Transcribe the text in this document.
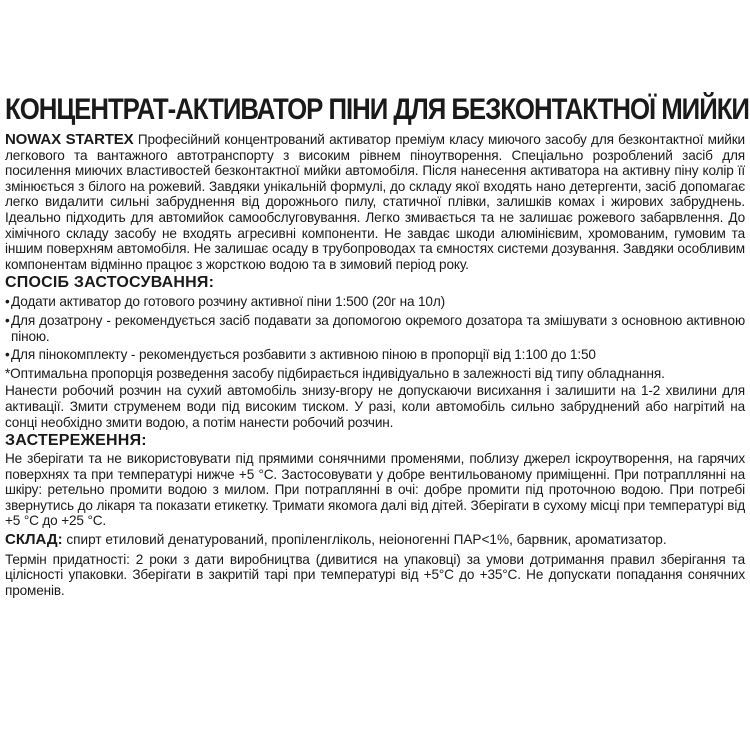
КОНЦЕНТРАТ-АКТИВАТОР ПІНИ ДЛЯ БЕЗКОНТАКТНОЇ МИЙКИ

NOWAX STARTEX Професійний концентрований активатор преміум класу миючого засобу для безконтактної мийки легкового та вантажного автотранспорту з високим рівнем піноутворення. Спеціально розроблений засіб для посилення миючих властивостей безконтактної мийки автомобіля. Після нанесення активатора на активну піну колір її змінюється з білого на рожевий. Завдяки унікальній формулі, до складу якої входять нано детергенти, засіб допомагає легко видалити сильні забруднення від дорожнього пилу, статичної плівки, залишків комах і жирових забруднень. Ідеально підходить для автомийок самообслуговування. Легко змивається та не залишає рожевого забарвлення. До хімічного складу засобу не входять агресивні компоненти. Не завдає шкоди алюмінієвим, хромованим, гумовим та іншим поверхням автомобіля. Не залишає осаду в трубопроводах та ємностях системи дозування. Завдяки особливим компонентам відмінно працює з жорсткою водою та в зимовий період року.

СПОСІБ ЗАСТОСУВАННЯ:
• Додати активатор до готового розчину активної піни 1:500 (20г на 10л)
• Для дозатрону - рекомендується засіб подавати за допомогою окремого дозатора та змішувати з основною активною піною.
• Для пінокомплекту - рекомендується розбавити з активною піною в пропорції від 1:100 до 1:50

*Оптимальна пропорція розведення засобу підбирається індивідуально в залежності від типу обладнання.

Нанести робочий розчин на сухий автомобіль знизу-вгору не допускаючи висихання і залишити на 1-2 хвилини для активації. Змити струменем води під високим тиском. У разі, коли автомобіль сильно забруднений або нагрітий на сонці необхідно змити водою, а потім нанести робочий розчин.

ЗАСТЕРЕЖЕННЯ:

Не зберігати та не використовувати під прямими сонячними променями, поблизу джерел іскроутворення, на гарячих поверхнях та при температурі нижче +5 °С. Застосовувати у добре вентильованому приміщенні. При потрапллянні на шкіру: ретельно промити водою з милом. При потраплянні в очі: добре промити під проточною водою. При потребі звернутись до лікаря та показати етикетку. Тримати якомога далі від дітей. Зберігати в сухому місці при температурі від +5 °С до +25 °С.

СКЛАД: спирт етиловий денатурований, пропіленгліколь, неіоногенні ПАР<1%, барвник, ароматизатор.

Термін придатності: 2 роки з дати виробництва (дивитися на упаковці) за умови дотримання правил зберігання та цілісності упаковки. Зберігати в закритій тарі при температурі від +5°С до +35°С. Не допускати попадання сонячних променів.
